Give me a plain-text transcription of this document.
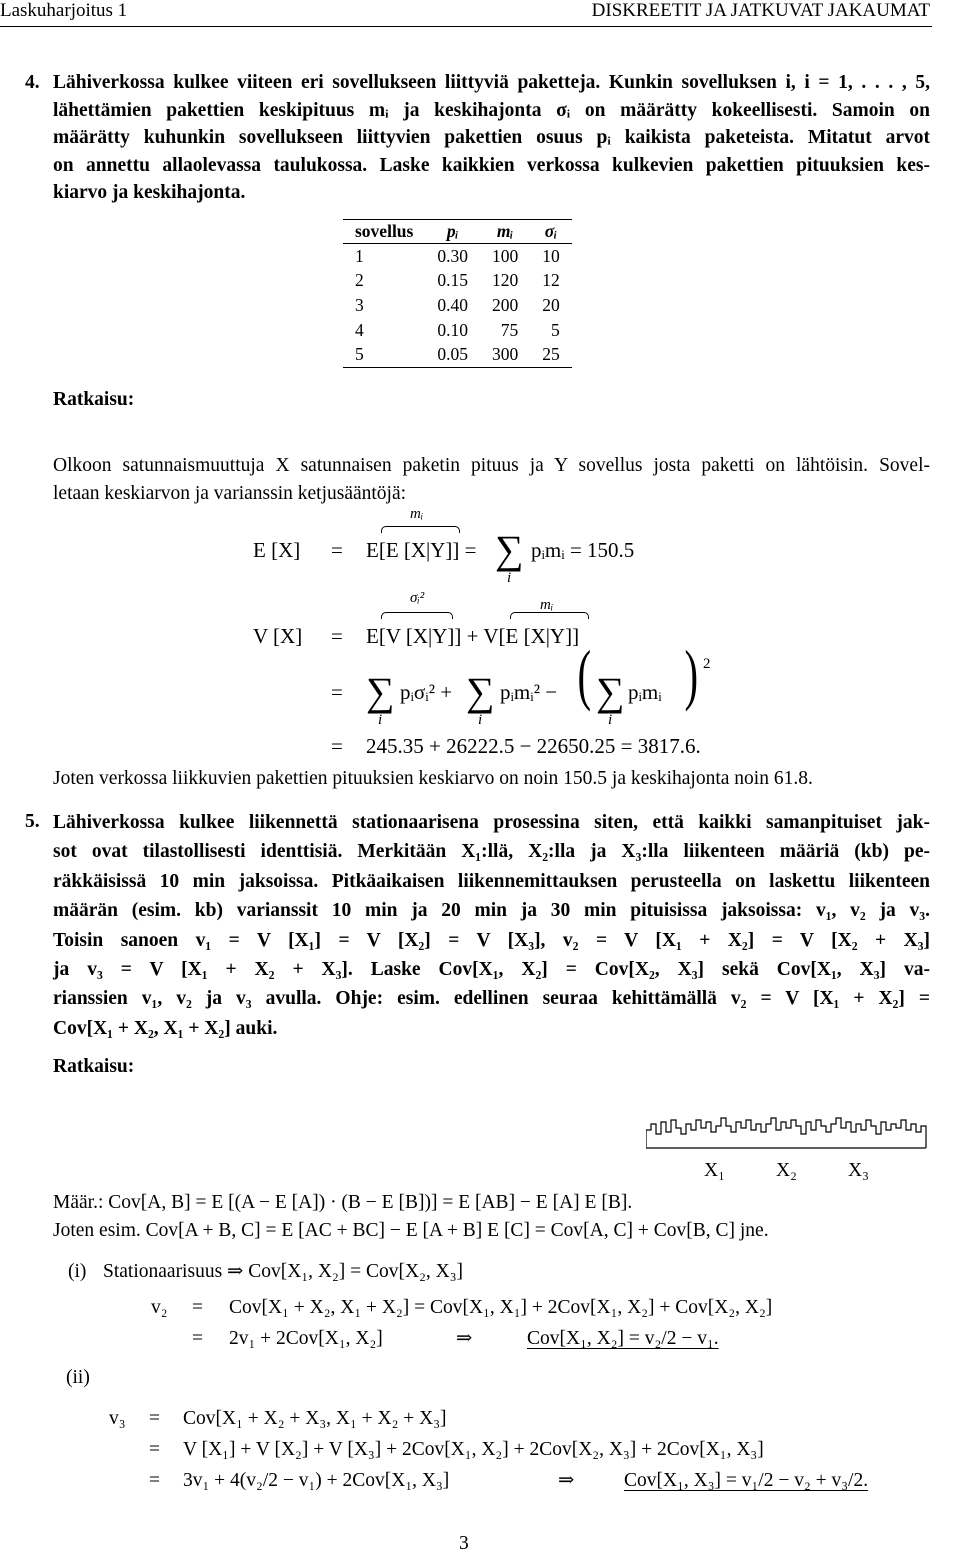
Laskuharjoitus 1	DISKREETIT JA JATKUVAT JAKAUMAT
4. Lähiverkossa kulkee viiteen eri sovellukseen liittyviä paketteja. Kunkin sovelluksen i, i = 1, . . . , 5,
lähettämien pakettien keskipituus mᵢ ja keskihajonta σᵢ on määrätty kokeellisesti. Samoin on
määrätty kuhunkin sovellukseen liittyvien pakettien osuus pᵢ kaikista paketeista. Mitatut arvot
on annettu allaolevassa taulukossa. Laske kaikkien verkossa kulkevien pakettien pituuksien kes-
kiarvo ja keskihajonta.
sovellus	pᵢ	mᵢ	σᵢ
1	0.30	100	10
2	0.15	120	12
3	0.40	200	20
4	0.10	75	5
5	0.05	300	25
Ratkaisu:
Olkoon satunnaismuuttuja X satunnaisen paketin pituus ja Y sovellus josta paketti on lähtöisin. Sovel-
letaan keskiarvon ja varianssin ketjusääntöjä:
E [X] = E[E [X|Y]] =
mᵢ
∑
i
pᵢmᵢ = 150.5
σᵢ²	mᵢ
V [X] = E[V [X|Y]] + V[E [X|Y]]
= ∑
i
pᵢσᵢ² + ∑
i
pᵢmᵢ² − ( ∑
i
pᵢmᵢ ) 2
= 245.35 + 26222.5 − 22650.25 = 3817.6.
Joten verkossa liikkuvien pakettien pituuksien keskiarvo on noin 150.5 ja keskihajonta noin 61.8.
5. Lähiverkossa kulkee liikennettä stationaarisena prosessina siten, että kaikki samanpituiset jak-
sot ovat tilastollisesti identtisiä. Merkitään X₁:llä, X₂:lla ja X₃:lla liikenteen määriä (kb) pe-
räkkäisissä 10 min jaksoissa. Pitkäaikaisen liikennemittauksen perusteella on laskettu liikenteen
määrän (esim. kb) varianssit 10 min ja 20 min ja 30 min pituisissa jaksoissa: v₁, v₂ ja v₃.
Toisin sanoen v₁ = V [X₁] = V [X₂] = V [X₃], v₂ = V [X₁ + X₂] = V [X₂ + X₃]
ja v₃ = V [X₁ + X₂ + X₃]. Laske Cov[X₁, X₂] = Cov[X₂, X₃] sekä Cov[X₁, X₃] va-
rianssien v₁, v₂ ja v₃ avulla. Ohje: esim. edellinen seuraa kehittämällä v₂ = V [X₁ + X₂] =
Cov[X₁ + X₂, X₁ + X₂] auki.
Ratkaisu:
X₁	X₂	X₃
Määr.: Cov[A, B] = E [(A − E [A]) · (B − E [B])] = E [AB] − E [A] E [B].
Joten esim. Cov[A + B, C] = E [AC + BC] − E [A + B] E [C] = Cov[A, C] + Cov[B, C] jne.
(i) Stationaarisuus ⇒ Cov[X₁, X₂] = Cov[X₂, X₃]
(ii)
v₂ = Cov[X₁ + X₂, X₁ + X₂] = Cov[X₁, X₁] + 2Cov[X₁, X₂] + Cov[X₂, X₂]
= 2v₁ + 2Cov[X₁, X₂]	⇒	Cov[X₁, X₂] = v₂/2 − v₁.
v₃ = Cov[X₁ + X₂ + X₃, X₁ + X₂ + X₃]
= V [X₁] + V [X₂] + V [X₃] + 2Cov[X₁, X₂] + 2Cov[X₂, X₃] + 2Cov[X₁, X₃]
= 3v₁ + 4(v₂/2 − v₁) + 2Cov[X₁, X₃]	⇒	Cov[X₁, X₃] = v₁/2 − v₂ + v₃/2.
3
